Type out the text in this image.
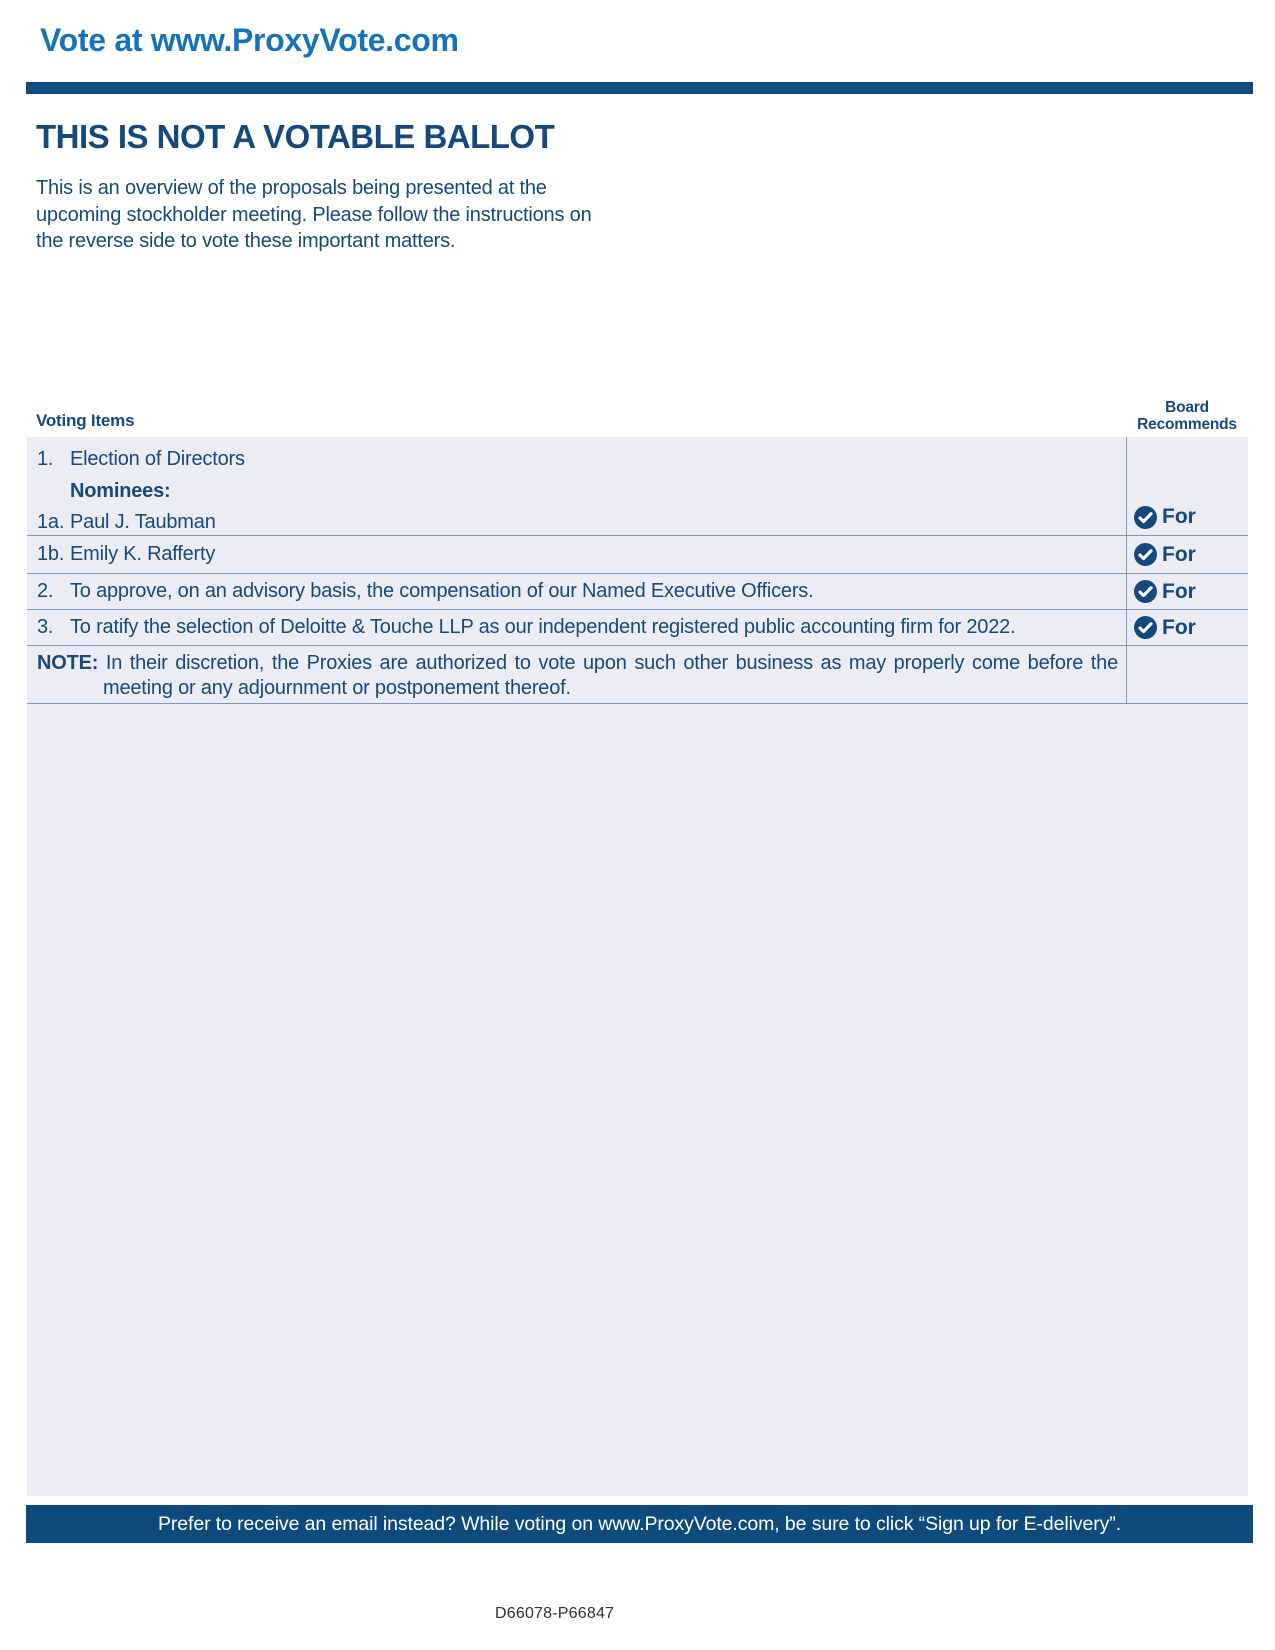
Vote at www.ProxyVote.com
THIS IS NOT A VOTABLE BALLOT
This is an overview of the proposals being presented at the
upcoming stockholder meeting. Please follow the instructions on
the reverse side to vote these important matters.
Voting Items
Board
Recommends
1. Election of Directors
Nominees:
1a. Paul J. Taubman	For
1b. Emily K. Rafferty	For
2. To approve, on an advisory basis, the compensation of our Named Executive Officers.	For
3. To ratify the selection of Deloitte & Touche LLP as our independent registered public accounting firm for 2022.	For

NOTE: In their discretion, the Proxies are authorized to vote upon such other business as may properly come before the meeting or any adjournment or postponement thereof.

Prefer to receive an email instead? While voting on www.ProxyVote.com, be sure to click “Sign up for E-delivery”.
D66078-P66847
